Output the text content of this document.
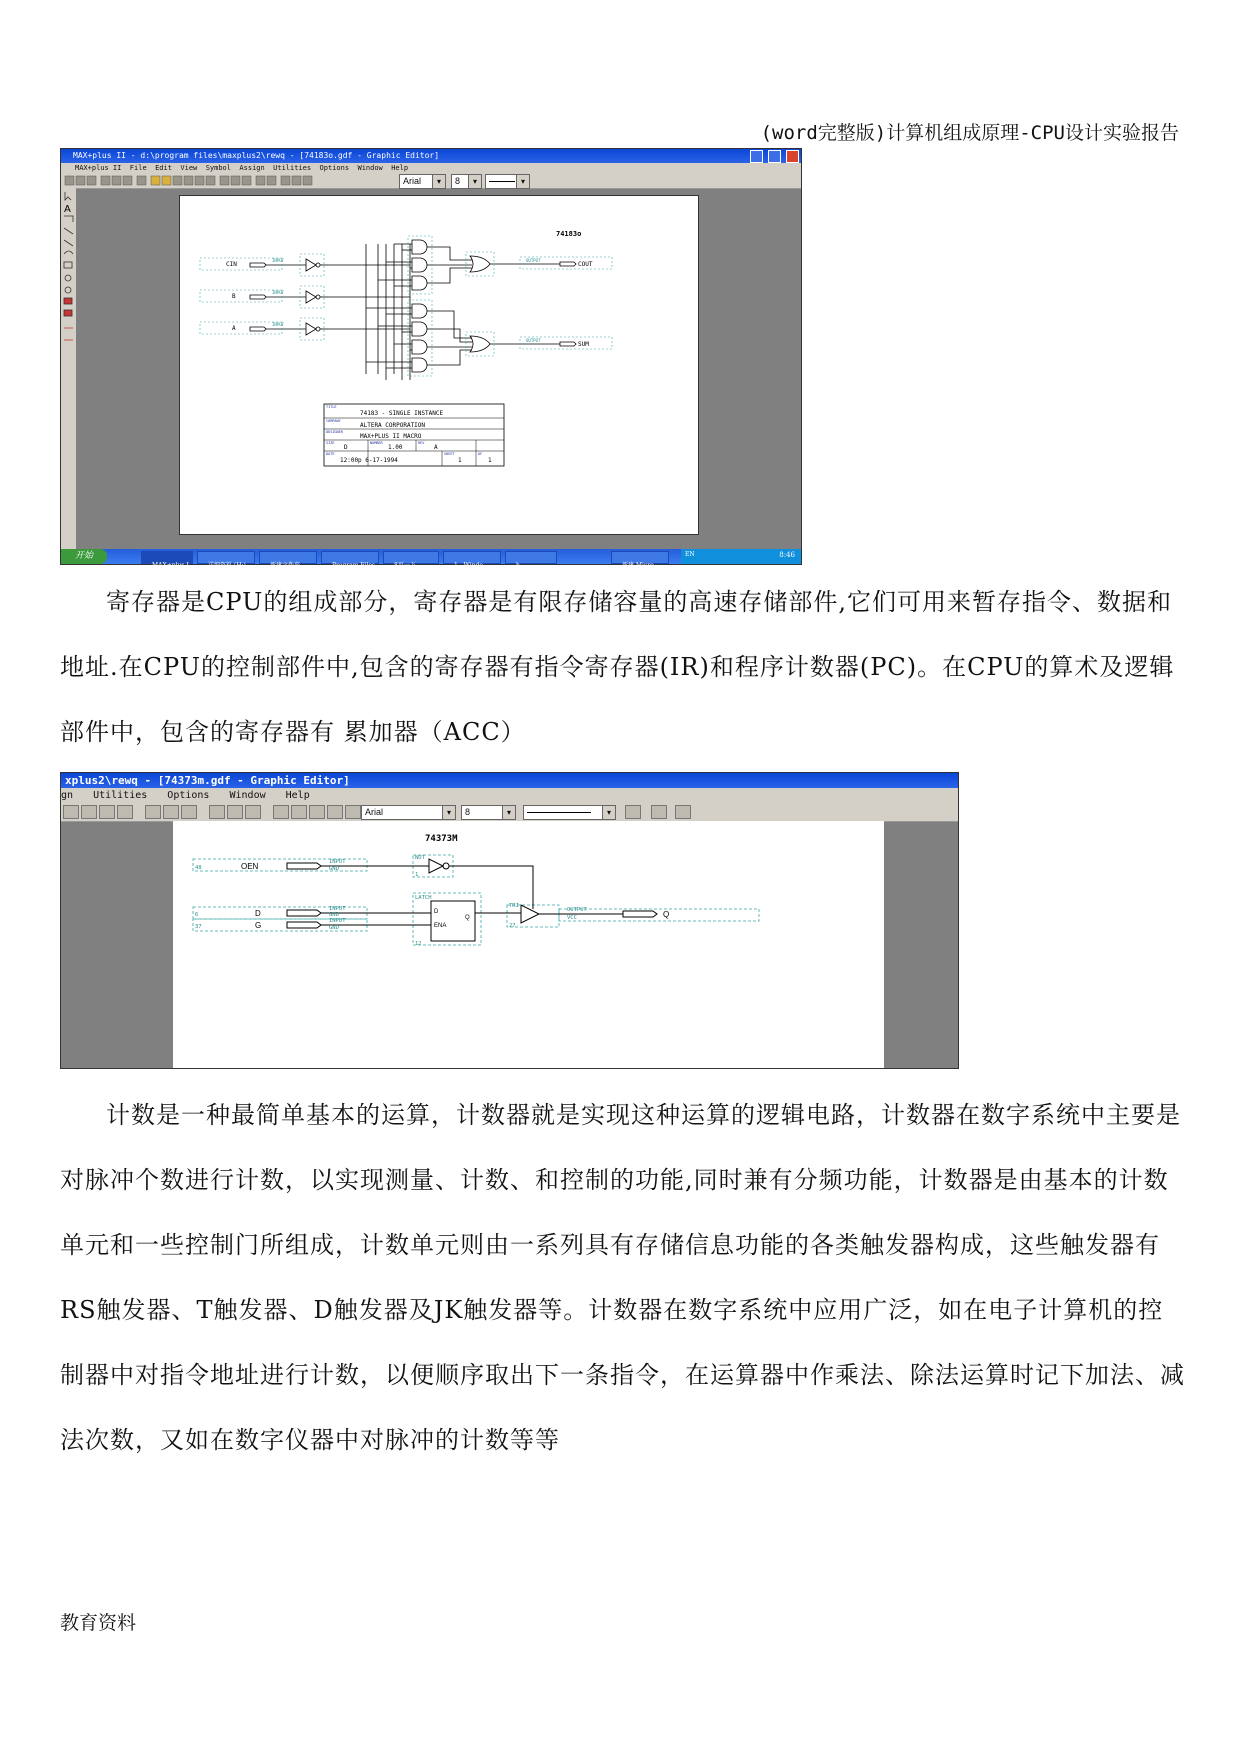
(word完整版)计算机组成原理-CPU设计实验报告
MAX+plus II - d:\program files\maxplus2\rewq - [74183o.gdf - Graphic Editor]

MAX+plus II File Edit View Symbol Assign Utilities Options Window Help
Arial	▾	8	▾	▾
A
CIN
B
A
COUT
SUM
74183o
INPUT
INPUT
INPUT
OUTPUT
OUTPUT
TITLE
COMPANY
DESIGNER
SIZE	NUMBER	REV
DATE	SHEET	OF
74183 - SINGLE INSTANCE
ALTERA CORPORATION
MAX+PLUS II MACRO
D	1.00	A
12:00p 6-17-1994	1	1
开始
MAX+plus I...	详细资料 (H:)	新建文件夹	Program Files	8页一下...	1 - Windo...	h	新建 Micro...
EN	8:46

寄存器是CPU的组成部分，寄存器是有限存储容量的高速存储部件,它们可用来暂存指令、数据和地址.在CPU的控制部件中,包含的寄存器有指令寄存器(IR)和程序计数器(PC)。在CPU的算术及逻辑部件中，包含的寄存器有 累加器（ACC）

xplus2\rewq - [74373m.gdf - Graphic Editor]
gn Utilities Options Window Help
Arial	▾	8	▾	▾
OEN
D
G
Q
D
ENA
Q
74373M
48
6
37
INPUT
GND
INPUT
GND
INPUT
GND
NOT
1
LATCH
12
TRI
27
OUTPUT
VCC

计数是一种最简单基本的运算，计数器就是实现这种运算的逻辑电路，计数器在数字系统中主要是对脉冲个数进行计数，以实现测量、计数、和控制的功能,同时兼有分频功能，计数器是由基本的计数单元和一些控制门所组成，计数单元则由一系列具有存储信息功能的各类触发器构成，这些触发器有RS触发器、T触发器、D触发器及JK触发器等。计数器在数字系统中应用广泛，如在电子计算机的控制器中对指令地址进行计数，以便顺序取出下一条指令，在运算器中作乘法、除法运算时记下加法、减法次数，又如在数字仪器中对脉冲的计数等等

教育资料
